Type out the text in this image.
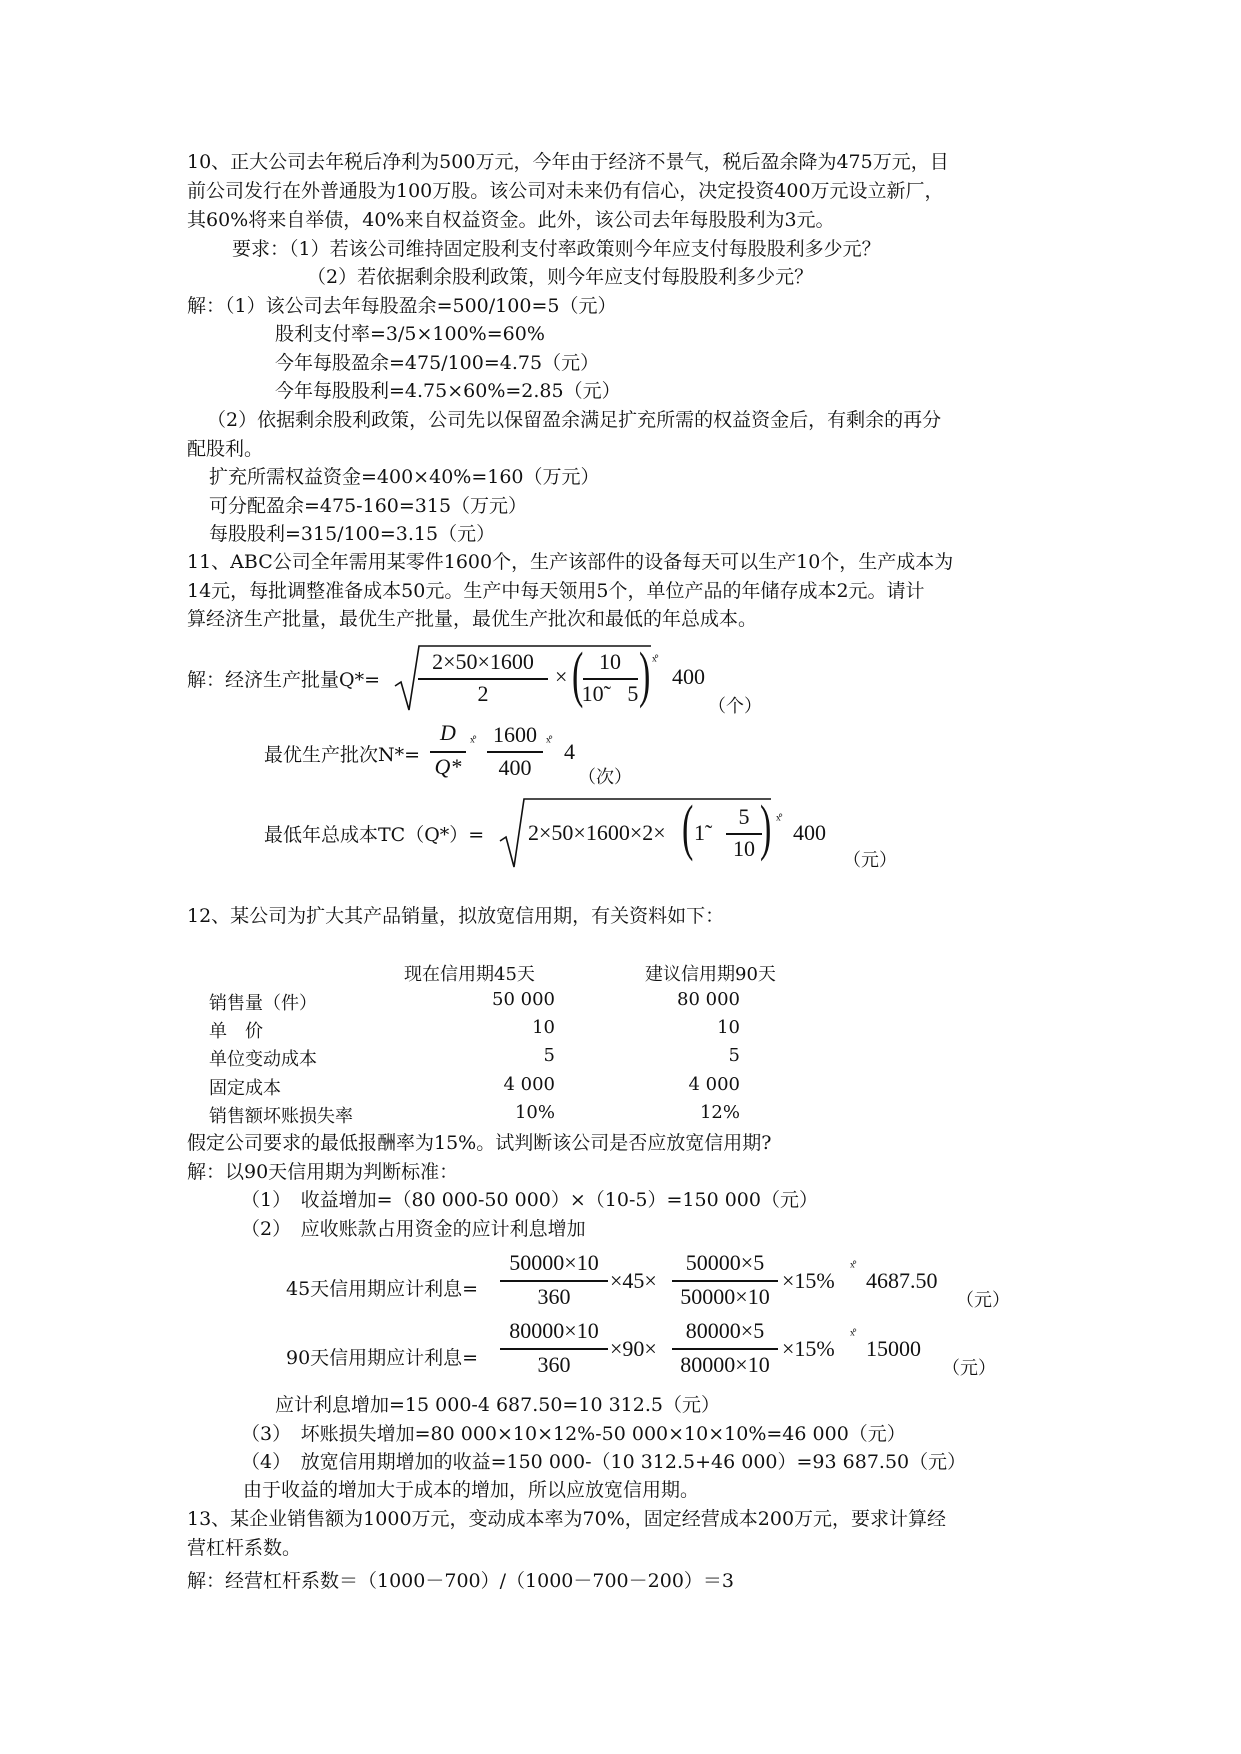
10、正大公司去年税后净利为500万元，今年由于经济不景气，税后盈余降为475万元，目
前公司发行在外普通股为100万股。该公司对未来仍有信心，决定投资400万元设立新厂，
其60%将来自举债，40%来自权益资金。此外，该公司去年每股股利为3元。
要求：（1）若该公司维持固定股利支付率政策则今年应支付每股股利多少元？
（2）若依据剩余股利政策，则今年应支付每股股利多少元？
解：（1）该公司去年每股盈余=500/100=5（元）
股利支付率=3/5×100%=60%
今年每股盈余=475/100=4.75（元）
今年每股股利=4.75×60%=2.85（元）
（2）依据剩余股利政策，公司先以保留盈余满足扩充所需的权益资金后，有剩余的再分
配股利。
扩充所需权益资金=400×40%=160（万元）
可分配盈余=475-160=315（万元）
每股股利=315/100=3.15（元）
11、ABC公司全年需用某零件1600个，生产该部件的设备每天可以生产10个，生产成本为
14元，每批调整准备成本50元。生产中每天领用5个，单位产品的年储存成本2元。请计
算经济生产批量，最优生产批量，最优生产批次和最低的年总成本。
解：经济生产批量Q*=
2×50×1600
2
× ( 10
10˜   5 ) ˣ̊
400
（个）
最优生产批次N*=
D
Q*
ˣ̊ 1600
400
ˣ̊ 4
（次）
最低年总成本TC（Q*）= 2×50×1600×2× ( 1̃
5
10 ) ˣ̊ 400
（元）
12、某公司为扩大其产品销量，拟放宽信用期，有关资料如下：
现在信用期45天	建议信用期90天
销售量（件）	50 000	80 000
单　价	10	10
单位变动成本	5	5
固定成本	4 000	4 000
销售额坏账损失率	10%	12%
假定公司要求的最低报酬率为15%。试判断该公司是否应放宽信用期?
解：以90天信用期为判断标准：
（1）　收益增加=（80 000-50 000）×（10-5）=150 000（元）
（2）　应收账款占用资金的应计利息增加
45天信用期应计利息=
50000×10
360
×45×
50000×5
50000×10
×15%
ˣ̊
4687.50
（元）
90天信用期应计利息=
80000×10
360
×90×
80000×5
80000×10
×15%
ˣ̊
15000
（元）
应计利息增加=15 000-4 687.50=10 312.5（元）
（3）　坏账损失增加=80 000×10×12%-50 000×10×10%=46 000（元）
（4）　放宽信用期增加的收益=150 000-（10 312.5+46 000）=93 687.50（元）
由于收益的增加大于成本的增加，所以应放宽信用期。
13、某企业销售额为1000万元，变动成本率为70%，固定经营成本200万元，要求计算经
营杠杆系数。
解：经营杠杆系数＝（1000－700）/（1000－700－200）＝3
